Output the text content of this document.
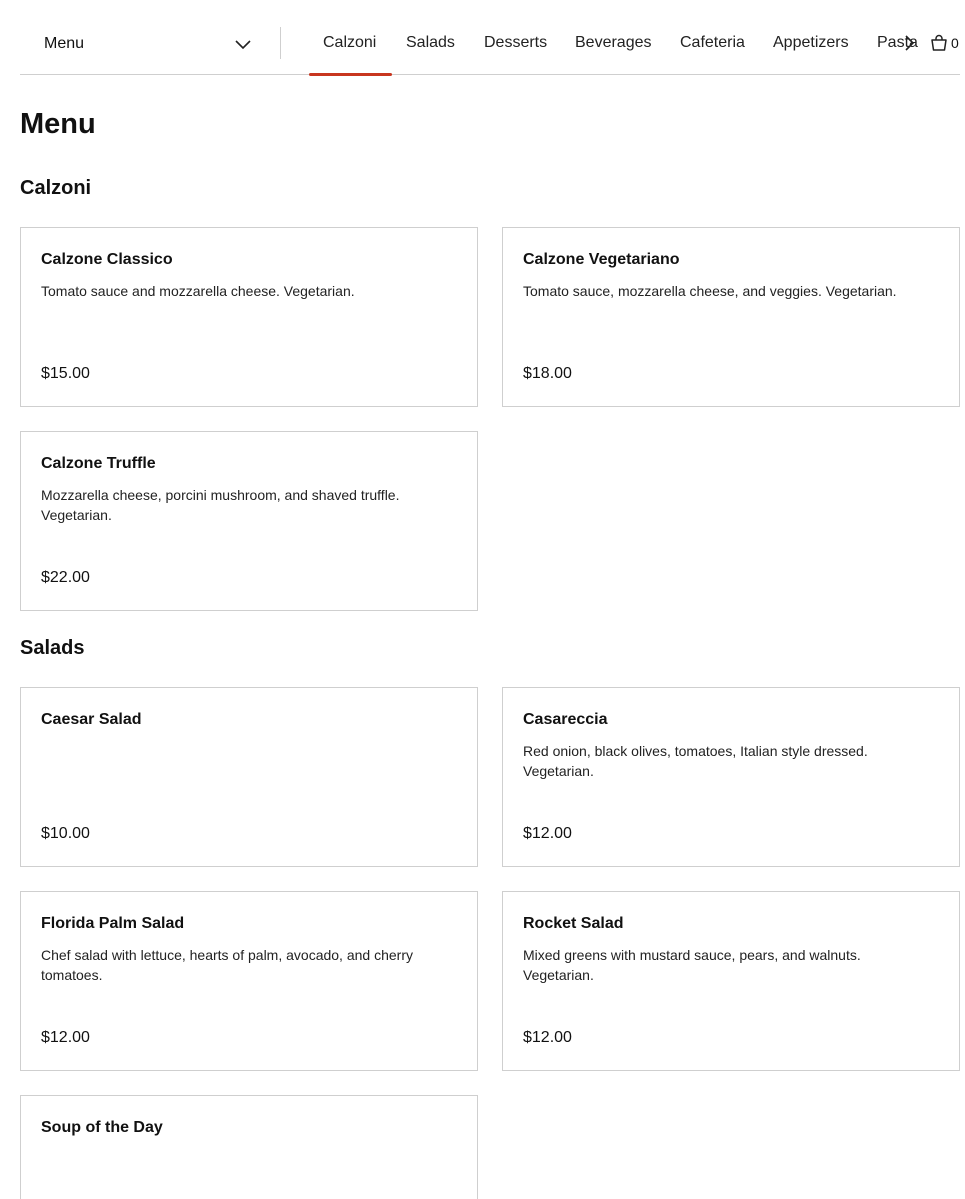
Menu	Calzoni Salads Desserts Beverages Cafeteria Appetizers Pasta 0
Menu
Calzoni
Calzone Classico
Tomato sauce and mozzarella cheese. Vegetarian.
$15.00
Calzone Vegetariano
Tomato sauce, mozzarella cheese, and veggies. Vegetarian.
$18.00
Calzone Truffle
Mozzarella cheese, porcini mushroom, and shaved truffle. Vegetarian.
$22.00
Salads
Caesar Salad
$10.00
Casareccia
Red onion, black olives, tomatoes, Italian style dressed. Vegetarian.
$12.00
Florida Palm Salad
Chef salad with lettuce, hearts of palm, avocado, and cherry tomatoes.
$12.00
Rocket Salad
Mixed greens with mustard sauce, pears, and walnuts. Vegetarian.
$12.00
Soup of the Day
